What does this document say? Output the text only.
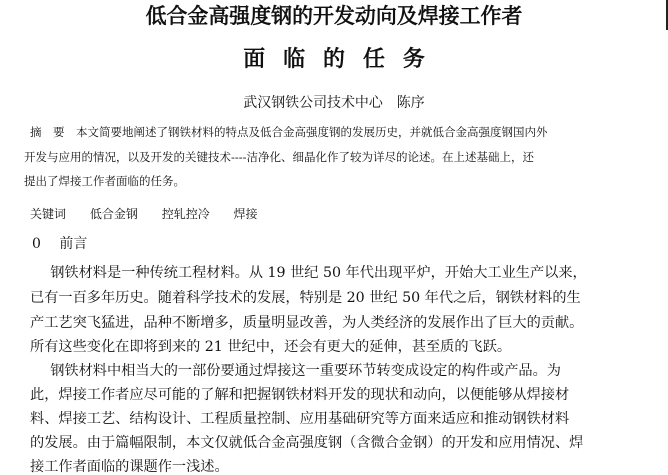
低合金高强度钢的开发动向及焊接工作者
面临的任务
武汉钢铁公司技术中心　陈序
摘　要　本文简要地阐述了钢铁材料的特点及低合金高强度钢的发展历史，并就低合金高强度钢国内外
开发与应用的情况，以及开发的关键技术----洁净化、细晶化作了较为详尽的论述。在上述基础上，还
提出了焊接工作者面临的任务。
关键词 低合金钢 控轧控冷 焊接
0 前言
　钢铁材料是一种传统工程材料。从 19 世纪 50 年代出现平炉，开始大工业生产以来，
已有一百多年历史。随着科学技术的发展，特别是 20 世纪 50 年代之后，钢铁材料的生
产工艺突飞猛进，品种不断增多，质量明显改善，为人类经济的发展作出了巨大的贡献。
所有这些变化在即将到来的 21 世纪中，还会有更大的延伸，甚至质的飞跃。
　钢铁材料中相当大的一部份要通过焊接这一重要环节转变成设定的构件或产品。为
此，焊接工作者应尽可能的了解和把握钢铁材料开发的现状和动向，以便能够从焊接材
料、焊接工艺、结构设计、工程质量控制、应用基础研究等方面来适应和推动钢铁材料
的发展。由于篇幅限制，本文仅就低合金高强度钢（含微合金钢）的开发和应用情况、焊
接工作者面临的课题作一浅述。
